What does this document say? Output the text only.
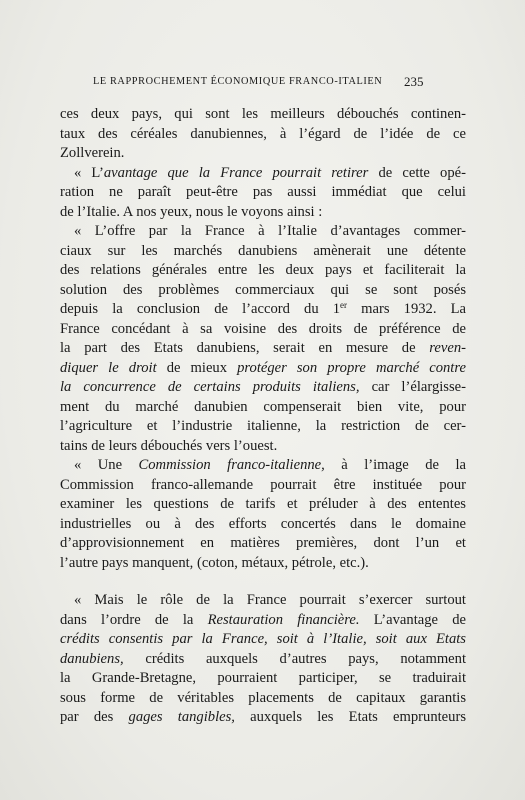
LE RAPPROCHEMENT ÉCONOMIQUE FRANCO-ITALIEN	235
ces deux pays, qui sont les meilleurs débouchés continen-
taux des céréales danubiennes, à l’égard de l’idée de ce
Zollverein.
« L’avantage que la France pourrait retirer de cette opé-
ration ne paraît peut-être pas aussi immédiat que celui
de l’Italie. A nos yeux, nous le voyons ainsi :
« L’offre par la France à l’Italie d’avantages commer-
ciaux sur les marchés danubiens amènerait une détente
des relations générales entre les deux pays et faciliterait la
solution des problèmes commerciaux qui se sont posés
depuis la conclusion de l’accord du 1er mars 1932. La
France concédant à sa voisine des droits de préférence de
la part des Etats danubiens, serait en mesure de reven-
diquer le droit de mieux protéger son propre marché contre
la concurrence de certains produits italiens, car l’élargisse-
ment du marché danubien compenserait bien vite, pour
l’agriculture et l’industrie italienne, la restriction de cer-
tains de leurs débouchés vers l’ouest.
« Une Commission franco-italienne, à l’image de la
Commission franco-allemande pourrait être instituée pour
examiner les questions de tarifs et préluder à des ententes
industrielles ou à des efforts concertés dans le domaine
d’approvisionnement en matières premières, dont l’un et
l’autre pays manquent, (coton, métaux, pétrole, etc.).
« Mais le rôle de la France pourrait s’exercer surtout
dans l’ordre de la Restauration financière. L’avantage de
crédits consentis par la France, soit à l’Italie, soit aux Etats
danubiens, crédits auxquels d’autres pays, notamment
la Grande-Bretagne, pourraient participer, se traduirait
sous forme de véritables placements de capitaux garantis
par des gages tangibles, auxquels les Etats emprunteurs
